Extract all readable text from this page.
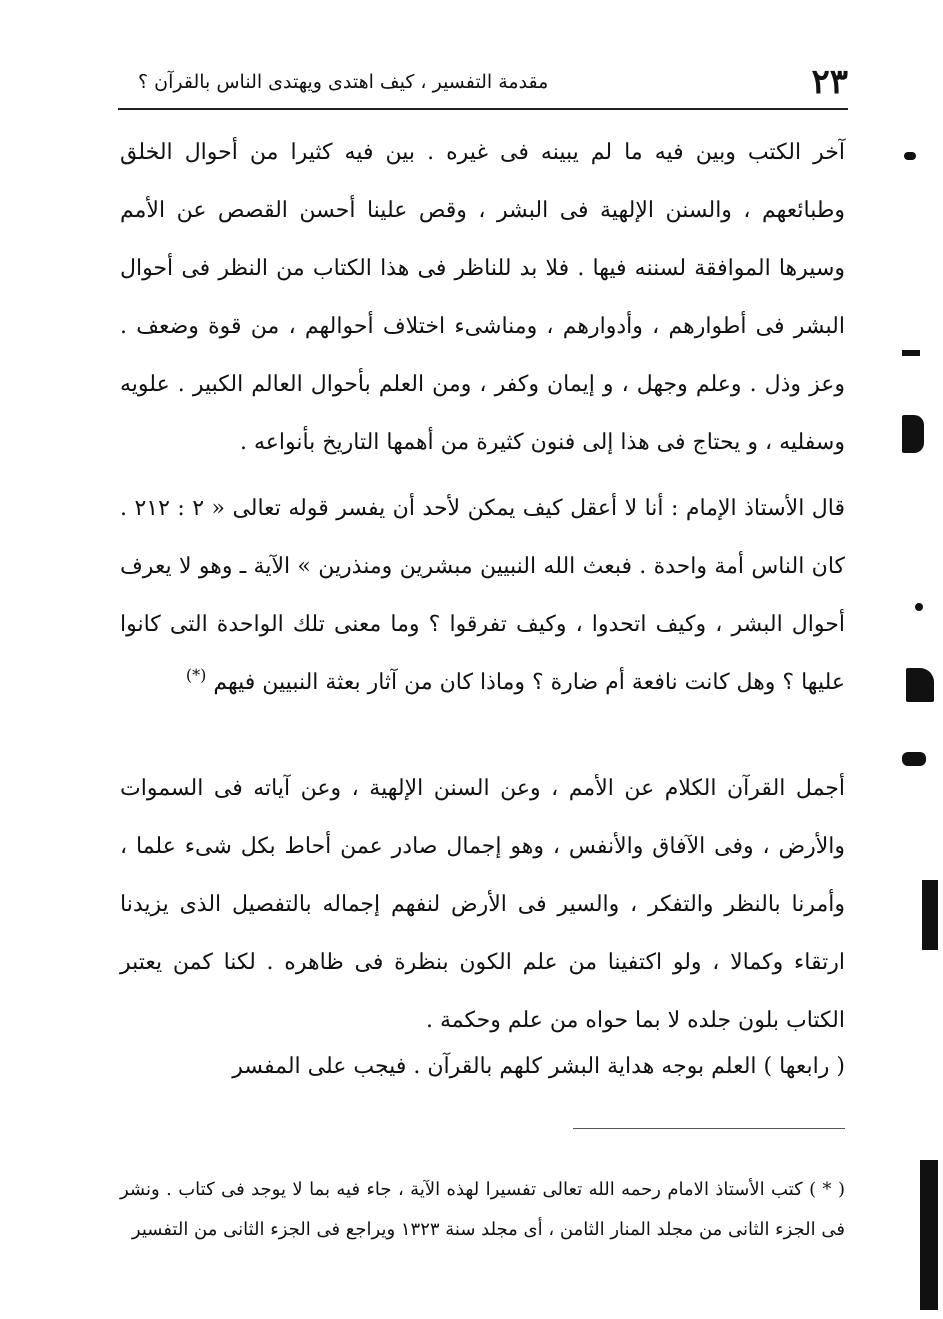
٢٣
مقدمة التفسير ، كيف اهتدى ويهتدى الناس بالقرآن ؟

آخر الكتب وبين فيه ما لم يبينه فى غيره . بين فيه كثيرا من أحوال الخلق وطبائعهم ، والسنن الإلهية فى البشر ، وقص علينا أحسن القصص عن الأمم وسيرها الموافقة لسننه فيها . فلا بد للناظر فى هذا الكتاب من النظر فى أحوال البشر فى أطوارهم ، وأدوارهم ، ومناشىء اختلاف أحوالهم ، من قوة وضعف . وعز وذل . وعلم وجهل ، و إيمان وكفر ، ومن العلم بأحوال العالم الكبير . علويه وسفليه ، و يحتاج فى هذا إلى فنون كثيرة من أهمها التاريخ بأنواعه .

قال الأستاذ الإمام : أنا لا أعقل كيف يمكن لأحد أن يفسر قوله تعالى « ٢ : ٢١٢ . كان الناس أمة واحدة . فبعث الله النبيين مبشرين ومنذرين » الآية ـ وهو لا يعرف أحوال البشر ، وكيف اتحدوا ، وكيف تفرقوا ؟ وما معنى تلك الواحدة التى كانوا عليها ؟ وهل كانت نافعة أم ضارة ؟ وماذا كان من آثار بعثة النبيين فيهم (*)

أجمل القرآن الكلام عن الأمم ، وعن السنن الإلهية ، وعن آياته فى السموات والأرض ، وفى الآفاق والأنفس ، وهو إجمال صادر عمن أحاط بكل شىء علما ، وأمرنا بالنظر والتفكر ، والسير فى الأرض لنفهم إجماله بالتفصيل الذى يزيدنا ارتقاء وكمالا ، ولو اكتفينا من علم الكون بنظرة فى ظاهره . لكنا كمن يعتبر الكتاب بلون جلده لا بما حواه من علم وحكمة .

( رابعها ) العلم بوجه هداية البشر كلهم بالقرآن . فيجب على المفسر

( * ) كتب الأستاذ الامام رحمه الله تعالى تفسيرا لهذه الآية ، جاء فيه بما لا يوجد فى كتاب . ونشر فى الجزء الثانى من مجلد المنار الثامن ، أى مجلد سنة ١٣٢٣ ويراجع فى الجزء الثانى من التفسير
